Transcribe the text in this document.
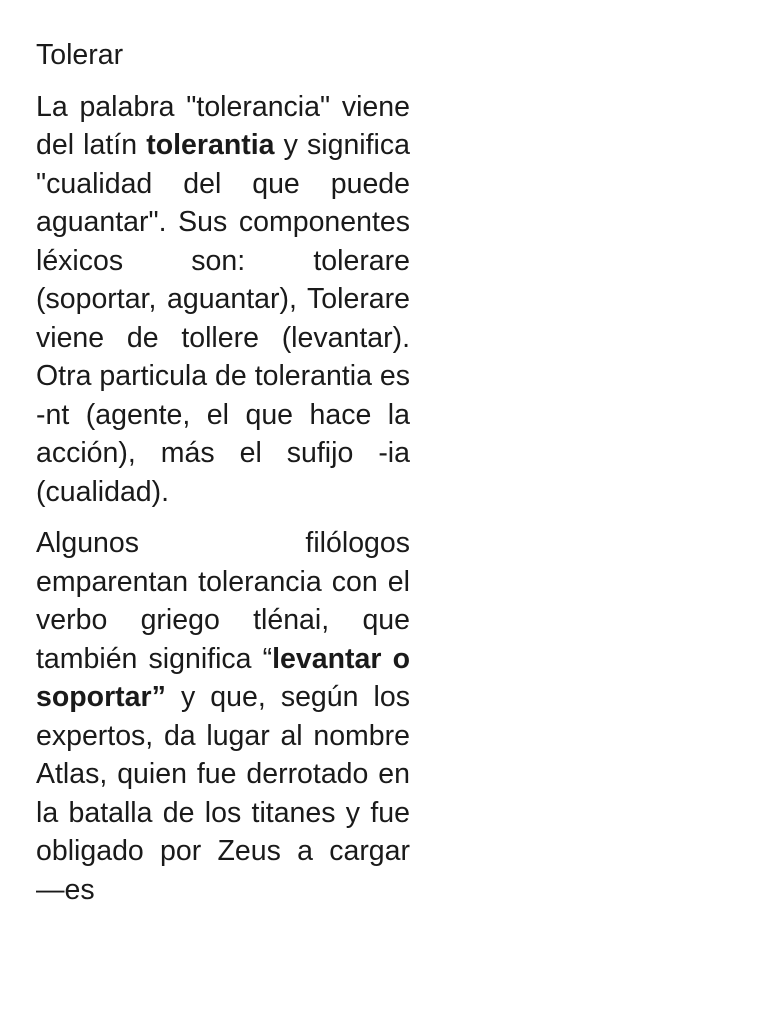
Tolerar

La palabra "tolerancia" viene del latín tolerantia y significa "cualidad del que puede aguantar". Sus componentes léxicos son: tolerare (soportar, aguantar), Tolerare viene de tollere (levantar). Otra particula de tolerantia es -nt (agente, el que hace la acción), más el sufijo -ia (cualidad).

Algunos filólogos emparentan tolerancia con el verbo griego tlénai, que también significa “levantar o soportar” y que, según los expertos, da lugar al nombre Atlas, quien fue derrotado en la batalla de los titanes y fue obligado por Zeus a cargar —es
